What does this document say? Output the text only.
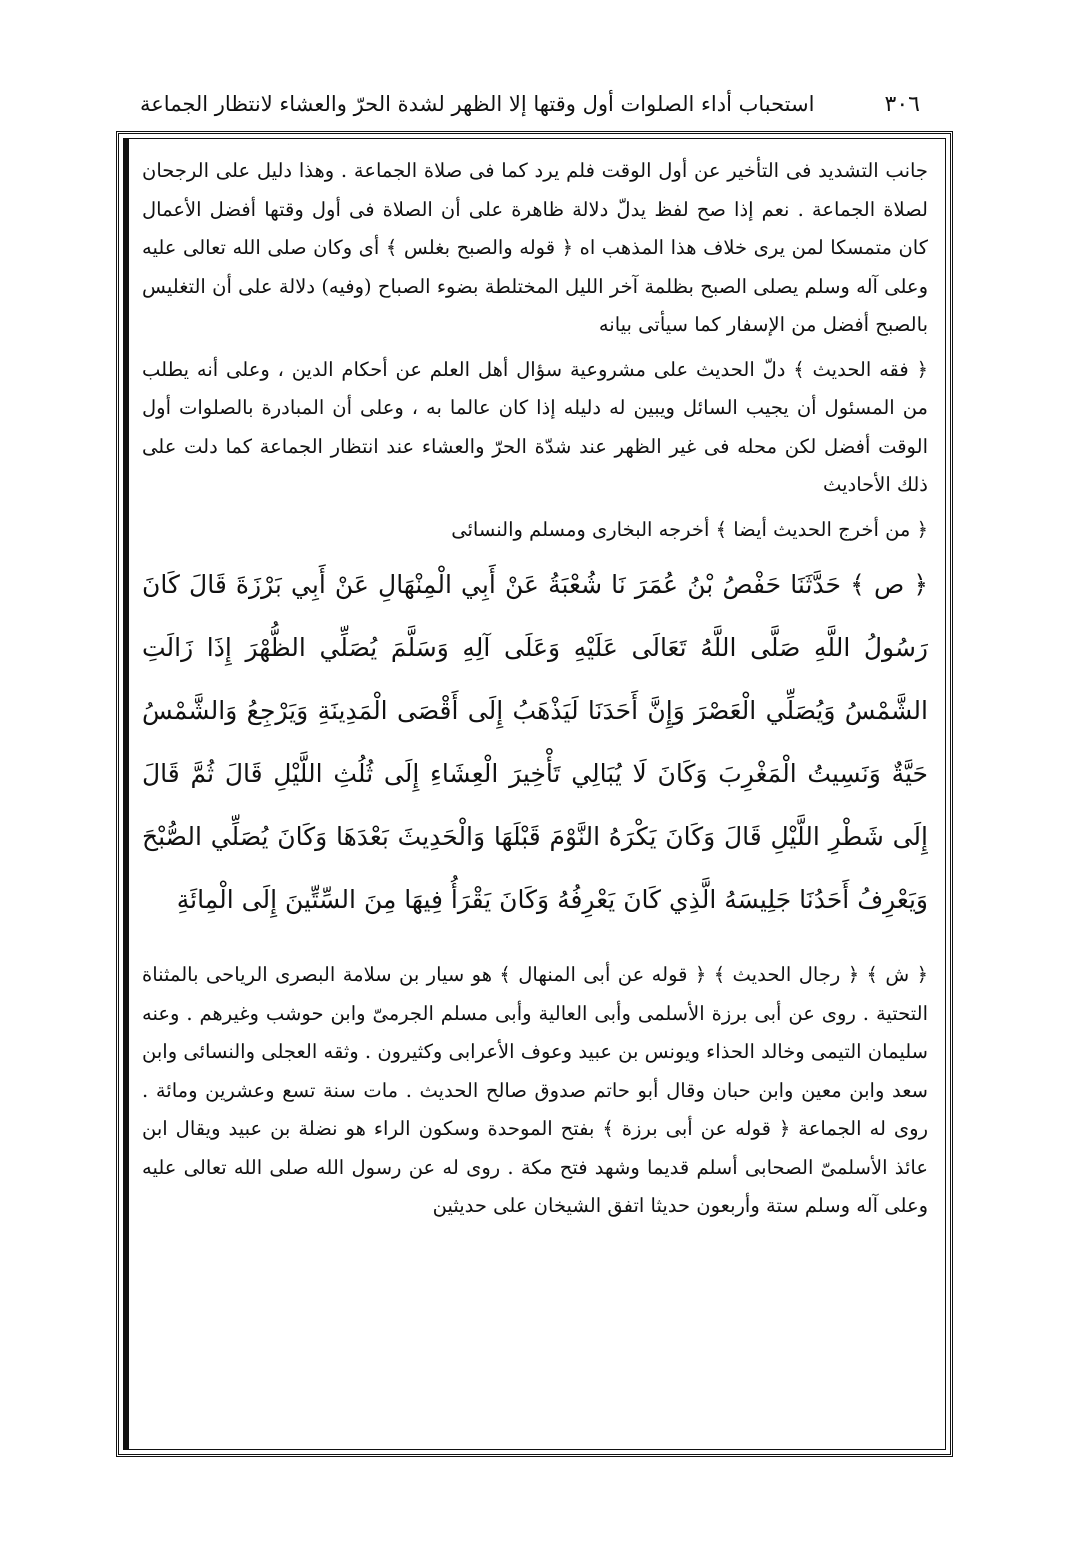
٣٠٦
استحباب أداء الصلوات أول وقتها إلا الظهر لشدة الحرّ والعشاء لانتظار الجماعة

جانب التشديد فى التأخير عن أول الوقت فلم يرد كما فى صلاة الجماعة . وهذا دليل على الرجحان لصلاة الجماعة . نعم إذا صح لفظ يدلّ دلالة ظاهرة على أن الصلاة فى أول وقتها أفضل الأعمال كان متمسكا لمن يرى خلاف هذا المذهب اه ﴿ قوله والصبح بغلس ﴾ أى وكان صلى الله تعالى عليه وعلى آله وسلم يصلى الصبح بظلمة آخر الليل المختلطة بضوء الصباح (وفيه) دلالة على أن التغليس بالصبح أفضل من الإسفار كما سيأتى بيانه

﴿ فقه الحديث ﴾ دلّ الحديث على مشروعية سؤال أهل العلم عن أحكام الدين ، وعلى أنه يطلب من المسئول أن يجيب السائل ويبين له دليله إذا كان عالما به ، وعلى أن المبادرة بالصلوات أول الوقت أفضل لكن محله فى غير الظهر عند شدّة الحرّ والعشاء عند انتظار الجماعة كما دلت على ذلك الأحاديث

﴿ من أخرج الحديث أيضا ﴾ أخرجه البخارى ومسلم والنسائى

﴿ ص ﴾ حَدَّثَنَا حَفْصُ بْنُ عُمَرَ نَا شُعْبَةُ عَنْ أَبِي الْمِنْهَالِ عَنْ أَبِي بَرْزَةَ قَالَ كَانَ رَسُولُ اللَّهِ صَلَّى اللَّهُ تَعَالَى عَلَيْهِ وَعَلَى آلِهِ وَسَلَّمَ يُصَلِّي الظُّهْرَ إِذَا زَالَتِ الشَّمْسُ وَيُصَلِّي الْعَصْرَ وَإِنَّ أَحَدَنَا لَيَذْهَبُ إِلَى أَقْصَى الْمَدِينَةِ وَيَرْجِعُ وَالشَّمْسُ حَيَّةٌ وَنَسِيتُ الْمَغْرِبَ وَكَانَ لَا يُبَالِي تَأْخِيرَ الْعِشَاءِ إِلَى ثُلُثِ اللَّيْلِ قَالَ ثُمَّ قَالَ إِلَى شَطْرِ اللَّيْلِ قَالَ وَكَانَ يَكْرَهُ النَّوْمَ قَبْلَهَا وَالْحَدِيثَ بَعْدَهَا وَكَانَ يُصَلِّي الصُّبْحَ وَيَعْرِفُ أَحَدُنَا جَلِيسَهُ الَّذِي كَانَ يَعْرِفُهُ وَكَانَ يَقْرَأُ فِيهَا مِنَ السِّتِّينَ إِلَى الْمِائَةِ

﴿ ش ﴾ ﴿ رجال الحديث ﴾ ﴿ قوله عن أبى المنهال ﴾ هو سيار بن سلامة البصرى الرياحى بالمثناة التحتية . روى عن أبى برزة الأسلمى وأبى العالية وأبى مسلم الجرمىّ وابن حوشب وغيرهم . وعنه سليمان التيمى وخالد الحذاء ويونس بن عبيد وعوف الأعرابى وكثيرون . وثقه العجلى والنسائى وابن سعد وابن معين وابن حبان وقال أبو حاتم صدوق صالح الحديث . مات سنة تسع وعشرين ومائة . روى له الجماعة ﴿ قوله عن أبى برزة ﴾ بفتح الموحدة وسكون الراء هو نضلة بن عبيد ويقال ابن عائذ الأسلمىّ الصحابى أسلم قديما وشهد فتح مكة . روى له عن رسول الله صلى الله تعالى عليه وعلى آله وسلم ستة وأربعون حديثا اتفق الشيخان على حديثين
